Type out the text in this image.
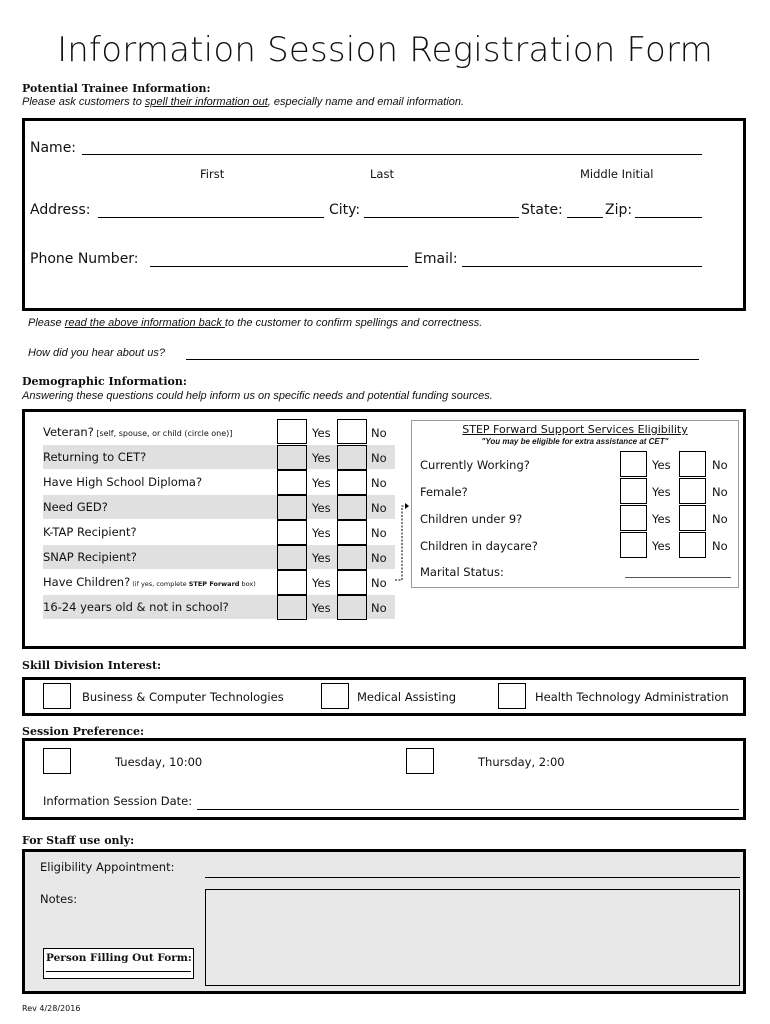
Information Session Registration Form
Potential Trainee Information:
Please ask customers to spell their information out, especially name and email information.
Name:
First	Last	Middle Initial
Address:	City:	State:	Zip:
Phone Number:	Email:
Please read the above information back to the customer to confirm spellings and correctness.
How did you hear about us?
Demographic Information:
Answering these questions could help inform us on specific needs and potential funding sources.
Veteran? [self, spouse, or child (circle one)]	Yes	No
Returning to CET?	Yes	No
Have High School Diploma?	Yes	No
Need GED?	Yes	No
K-TAP Recipient?	Yes	No
SNAP Recipient?	Yes	No
Have Children? (if yes, complete STEP Forward box)	Yes	No
16-24 years old & not in school?	Yes	No
STEP Forward Support Services Eligibility
"You may be eligible for extra assistance at CET"
Currently Working?	Yes	No
Female?	Yes	No
Children under 9?	Yes	No
Children in daycare?	Yes	No
Marital Status:
Skill Division Interest:
Business & Computer Technologies	Medical Assisting	Health Technology Administration
Session Preference:
Tuesday, 10:00	Thursday, 2:00
Information Session Date:
For Staff use only:
Eligibility Appointment:
Notes:
Person Filling Out Form:
Rev 4/28/2016
